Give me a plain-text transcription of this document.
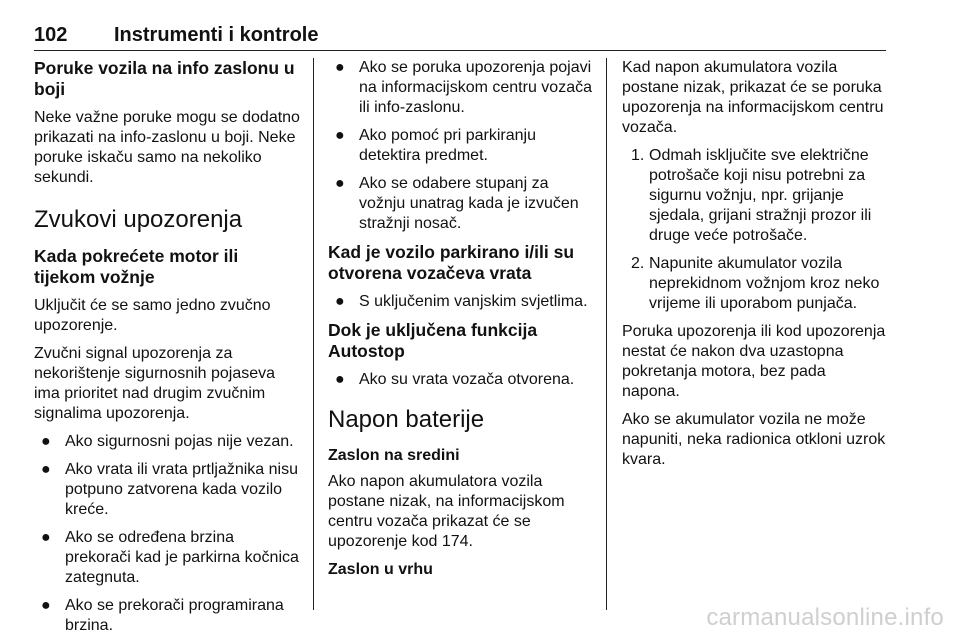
102 Instrumenti i kontrole
Poruke vozila na info zaslonu u boji

Neke važne poruke mogu se dodatno prikazati na info-zaslonu u boji. Neke poruke iskaču samo na nekoliko sekundi.

Zvukovi upozorenja
Kada pokrećete motor ili tijekom vožnje

Uključit će se samo jedno zvučno upozorenje.

Zvučni signal upozorenja za nekorištenje sigurnosnih pojaseva ima prioritet nad drugim zvučnim signalima upozorenja.

● Ako sigurnosni pojas nije vezan.
● Ako vrata ili vrata prtljažnika nisu potpuno zatvorena kada vozilo kreće.
● Ako se određena brzina prekorači kad je parkirna kočnica zategnuta.
● Ako se prekorači programirana brzina.
● Ako se poruka upozorenja pojavi na informacijskom centru vozača ili info-zaslonu.
● Ako pomoć pri parkiranju detektira predmet.
● Ako se odabere stupanj za vožnju unatrag kada je izvučen stražnji nosač.
Kad je vozilo parkirano i/ili su otvorena vozačeva vrata
● S uključenim vanjskim svjetlima.
Dok je uključena funkcija Autostop
● Ako su vrata vozača otvorena.
Napon baterije
Zaslon na sredini

Ako napon akumulatora vozila postane nizak, na informacijskom centru vozača prikazat će se upozorenje kod 174.

Zaslon u vrhu

Kad napon akumulatora vozila postane nizak, prikazat će se poruka upozorenja na informacijskom centru vozača.

1. Odmah isključite sve električne potrošače koji nisu potrebni za sigurnu vožnju, npr. grijanje sjedala, grijani stražnji prozor ili druge veće potrošače.
2. Napunite akumulator vozila neprekidnom vožnjom kroz neko vrijeme ili uporabom punjača.

Poruka upozorenja ili kod upozorenja nestat će nakon dva uzastopna pokretanja motora, bez pada napona.

Ako se akumulator vozila ne može napuniti, neka radionica otkloni uzrok kvara.

carmanualsonline.info
